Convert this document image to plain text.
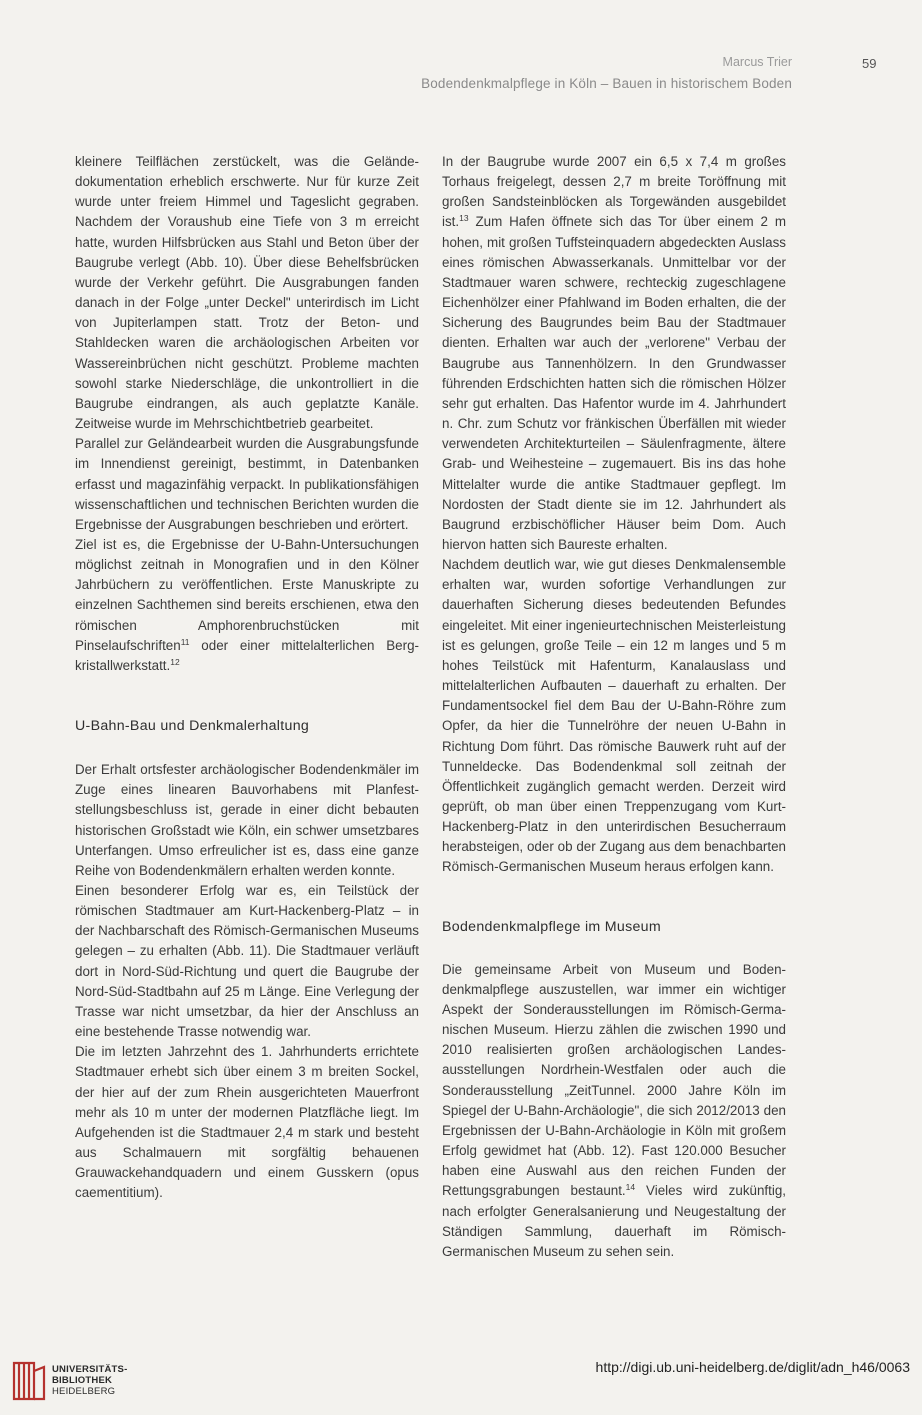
Marcus Trier
Bodendenkmalpflege in Köln – Bauen in historischem Boden
59

kleinere Teilflächen zerstückelt, was die Geländedokumentation erheblich erschwerte. Nur für kurze Zeit wurde unter freiem Himmel und Tageslicht gegraben. Nachdem der Voraushub eine Tiefe von 3 m erreicht hatte, wurden Hilfsbrücken aus Stahl und Beton über der Baugrube verlegt (Abb. 10). Über diese Behelfsbrücken wurde der Verkehr geführt. Die Ausgrabungen fanden danach in der Folge „unter Deckel" unterirdisch im Licht von Jupiterlampen statt. Trotz der Beton- und Stahldecken waren die archäologischen Arbeiten vor Wassereinbrüchen nicht geschützt. Probleme machten sowohl starke Niederschläge, die unkontrolliert in die Baugrube eindrangen, als auch geplatzte Kanäle. Zeitweise wurde im Mehrschichtbetrieb gearbeitet.

Parallel zur Geländearbeit wurden die Ausgrabungsfunde im Innendienst gereinigt, bestimmt, in Datenbanken erfasst und magazinfähig verpackt. In publikationsfähigen wissenschaftlichen und technischen Berichten wurden die Ergebnisse der Ausgrabungen beschrieben und erörtert.

Ziel ist es, die Ergebnisse der U-Bahn-Untersuchungen möglichst zeitnah in Monografien und in den Kölner Jahrbüchern zu veröffentlichen. Erste Manuskripte zu einzelnen Sachthemen sind bereits erschienen, etwa den römischen Amphorenbruchstücken mit Pinselaufschriften$^{11}$ oder einer mittelalterlichen Bergkristallwerkstatt.$^{12}$

U-Bahn-Bau und Denkmalerhaltung

Der Erhalt ortsfester archäologischer Bodendenkmäler im Zuge eines linearen Bauvorhabens mit Planfeststellungsbeschluss ist, gerade in einer dicht bebauten historischen Großstadt wie Köln, ein schwer umsetzbares Unterfangen. Umso erfreulicher ist es, dass eine ganze Reihe von Bodendenkmälern erhalten werden konnte.

Einen besonderer Erfolg war es, ein Teilstück der römischen Stadtmauer am Kurt-Hackenberg-Platz – in der Nachbarschaft des Römisch-Germanischen Museums gelegen – zu erhalten (Abb. 11). Die Stadtmauer verläuft dort in Nord-Süd-Richtung und quert die Baugrube der Nord-Süd-Stadtbahn auf 25 m Länge. Eine Verlegung der Trasse war nicht umsetzbar, da hier der Anschluss an eine bestehende Trasse notwendig war.

Die im letzten Jahrzehnt des 1. Jahrhunderts errichtete Stadtmauer erhebt sich über einem 3 m breiten Sockel, der hier auf der zum Rhein ausgerichteten Mauerfront mehr als 10 m unter der modernen Platzfläche liegt. Im Aufgehenden ist die Stadtmauer 2,4 m stark und besteht aus Schalmauern mit sorgfältig behauenen Grauwackehandquadern und einem Gusskern (opus caementitium).

In der Baugrube wurde 2007 ein 6,5 x 7,4 m großes Torhaus freigelegt, dessen 2,7 m breite Toröffnung mit großen Sandsteinblöcken als Torgewänden ausgebildet ist.$^{13}$ Zum Hafen öffnete sich das Tor über einem 2 m hohen, mit großen Tuffsteinquadern abgedeckten Auslass eines römischen Abwasserkanals. Unmittelbar vor der Stadtmauer waren schwere, rechteckig zugeschlagene Eichenhölzer einer Pfahlwand im Boden erhalten, die der Sicherung des Baugrundes beim Bau der Stadtmauer dienten. Erhalten war auch der „verlorene" Verbau der Baugrube aus Tannenhölzern. In den Grundwasser führenden Erdschichten hatten sich die römischen Hölzer sehr gut erhalten. Das Hafentor wurde im 4. Jahrhundert n. Chr. zum Schutz vor fränkischen Überfällen mit wieder verwendeten Architekturteilen – Säulenfragmente, ältere Grab- und Weihesteine – zugemauert. Bis ins das hohe Mittelalter wurde die antike Stadtmauer gepflegt. Im Nordosten der Stadt diente sie im 12. Jahrhundert als Baugrund erzbischöflicher Häuser beim Dom. Auch hiervon hatten sich Baureste erhalten.

Nachdem deutlich war, wie gut dieses Denkmalensemble erhalten war, wurden sofortige Verhandlungen zur dauerhaften Sicherung dieses bedeutenden Befundes eingeleitet. Mit einer ingenieurtechnischen Meisterleistung ist es gelungen, große Teile – ein 12 m langes und 5 m hohes Teilstück mit Hafenturm, Kanalauslass und mittelalterlichen Aufbauten – dauerhaft zu erhalten. Der Fundamentsockel fiel dem Bau der U-Bahn-Röhre zum Opfer, da hier die Tunnelröhre der neuen U-Bahn in Richtung Dom führt. Das römische Bauwerk ruht auf der Tunneldecke. Das Bodendenkmal soll zeitnah der Öffentlichkeit zugänglich gemacht werden. Derzeit wird geprüft, ob man über einen Treppenzugang vom Kurt-Hackenberg-Platz in den unterirdischen Besucherraum herabsteigen, oder ob der Zugang aus dem benachbarten Römisch-Germanischen Museum heraus erfolgen kann.

Bodendenkmalpflege im Museum

Die gemeinsame Arbeit von Museum und Bodendenkmalpflege auszustellen, war immer ein wichtiger Aspekt der Sonderausstellungen im Römisch-Germanischen Museum. Hierzu zählen die zwischen 1990 und 2010 realisierten großen archäologischen Landesausstellungen Nordrhein-Westfalen oder auch die Sonderausstellung „ZeitTunnel. 2000 Jahre Köln im Spiegel der U-Bahn-Archäologie", die sich 2012/2013 den Ergebnissen der U-Bahn-Archäologie in Köln mit großem Erfolg gewidmet hat (Abb. 12). Fast 120.000 Besucher haben eine Auswahl aus den reichen Funden der Rettungsgrabungen bestaunt.$^{14}$ Vieles wird zukünftig, nach erfolgter Generalsanierung und Neugestaltung der Ständigen Sammlung, dauerhaft im Römisch-Germanischen Museum zu sehen sein.

UNIVERSITÄTS-
BIBLIOTHEK
HEIDELBERG
http://digi.ub.uni-heidelberg.de/diglit/adn_h46/0063
